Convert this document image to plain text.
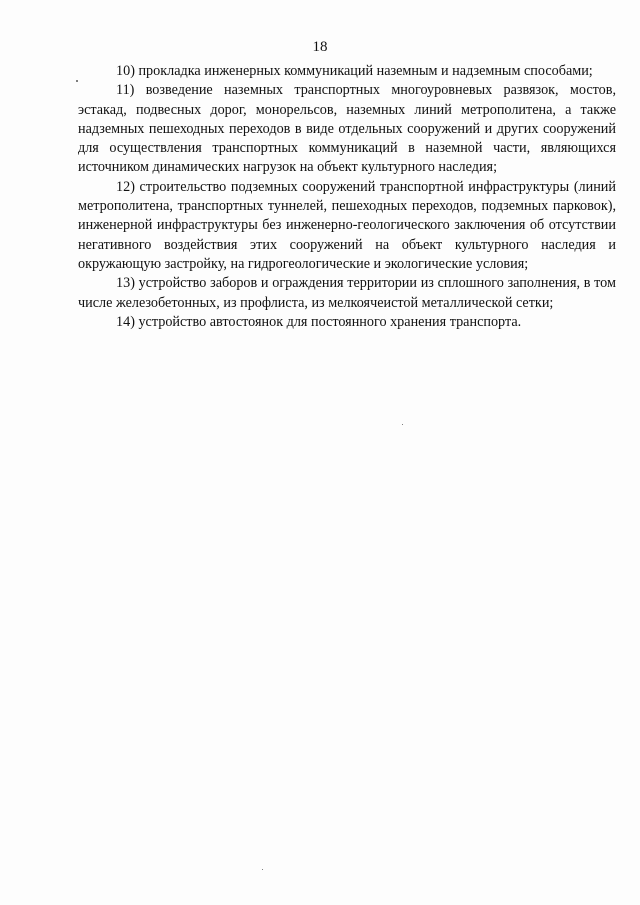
18

10) прокладка инженерных коммуникаций наземным и надземным способами;

11) возведение наземных транспортных многоуровневых развязок, мостов, эстакад, подвесных дорог, монорельсов, наземных линий метрополитена, а также надземных пешеходных переходов в виде отдельных сооружений и других сооружений для осуществления транспортных коммуникаций в наземной части, являющихся источником динамических нагрузок на объект культурного наследия;

12) строительство подземных сооружений транспортной инфраструктуры (линий метрополитена, транспортных туннелей, пешеходных переходов, подземных парковок), инженерной инфраструктуры без инженерно-геологического заключения об отсутствии негативного воздействия этих сооружений на объект культурного наследия и окружающую застройку, на гидрогеологические и экологические условия;

13) устройство заборов и ограждения территории из сплошного заполнения, в том числе железобетонных, из профлиста, из мелкоячеистой металлической сетки;

14) устройство автостоянок для постоянного хранения транспорта.
